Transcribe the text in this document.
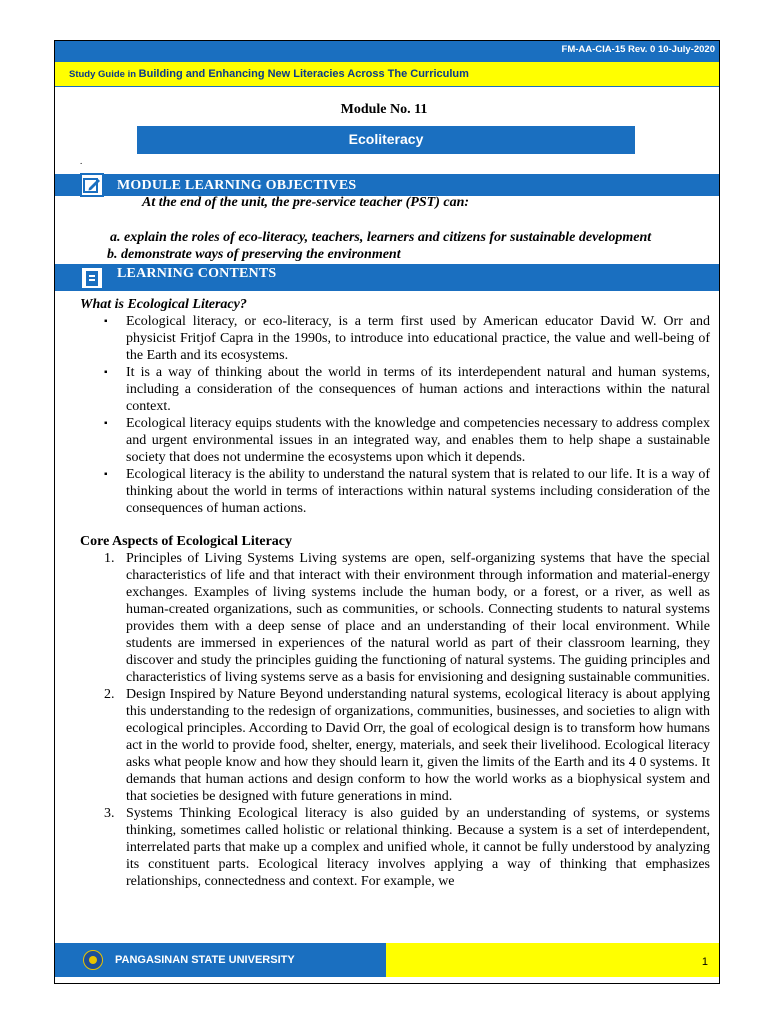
FM-AA-CIA-15 Rev. 0 10-July-2020
Study Guide in Building and Enhancing New Literacies Across The Curriculum
Module No. 11
Ecoliteracy
.
MODULE LEARNING OBJECTIVES
At the end of the unit, the pre-service teacher (PST) can:
a. explain the roles of eco-literacy, teachers, learners and citizens for sustainable development
b. demonstrate ways of preserving the environment
LEARNING CONTENTS
What is Ecological Literacy?
▪ Ecological literacy, or eco-literacy, is a term first used by American educator David W. Orr and physicist Fritjof Capra in the 1990s, to introduce into educational practice, the value and well-being of the Earth and its ecosystems.
▪ It is a way of thinking about the world in terms of its interdependent natural and human systems, including a consideration of the consequences of human actions and interactions within the natural context.
▪ Ecological literacy equips students with the knowledge and competencies necessary to address complex and urgent environmental issues in an integrated way, and enables them to help shape a sustainable society that does not undermine the ecosystems upon which it depends.
▪ Ecological literacy is the ability to understand the natural system that is related to our life. It is a way of thinking about the world in terms of interactions within natural systems including consideration of the consequences of human actions.
Core Aspects of Ecological Literacy
1. Principles of Living Systems Living systems are open, self-organizing systems that have the special characteristics of life and that interact with their environment through information and material-energy exchanges. Examples of living systems include the human body, or a forest, or a river, as well as human-created organizations, such as communities, or schools. Connecting students to natural systems provides them with a deep sense of place and an understanding of their local environment. While students are immersed in experiences of the natural world as part of their classroom learning, they discover and study the principles guiding the functioning of natural systems. The guiding principles and characteristics of living systems serve as a basis for envisioning and designing sustainable communities.
2. Design Inspired by Nature Beyond understanding natural systems, ecological literacy is about applying this understanding to the redesign of organizations, communities, businesses, and societies to align with ecological principles. According to David Orr, the goal of ecological design is to transform how humans act in the world to provide food, shelter, energy, materials, and seek their livelihood. Ecological literacy asks what people know and how they should learn it, given the limits of the Earth and its 4 0 systems. It demands that human actions and design conform to how the world works as a biophysical system and that societies be designed with future generations in mind.
3. Systems Thinking Ecological literacy is also guided by an understanding of systems, or systems thinking, sometimes called holistic or relational thinking. Because a system is a set of interdependent, interrelated parts that make up a complex and unified whole, it cannot be fully understood by analyzing its constituent parts. Ecological literacy involves applying a way of thinking that emphasizes relationships, connectedness and context. For example, we
PANGASINAN STATE UNIVERSITY	1
